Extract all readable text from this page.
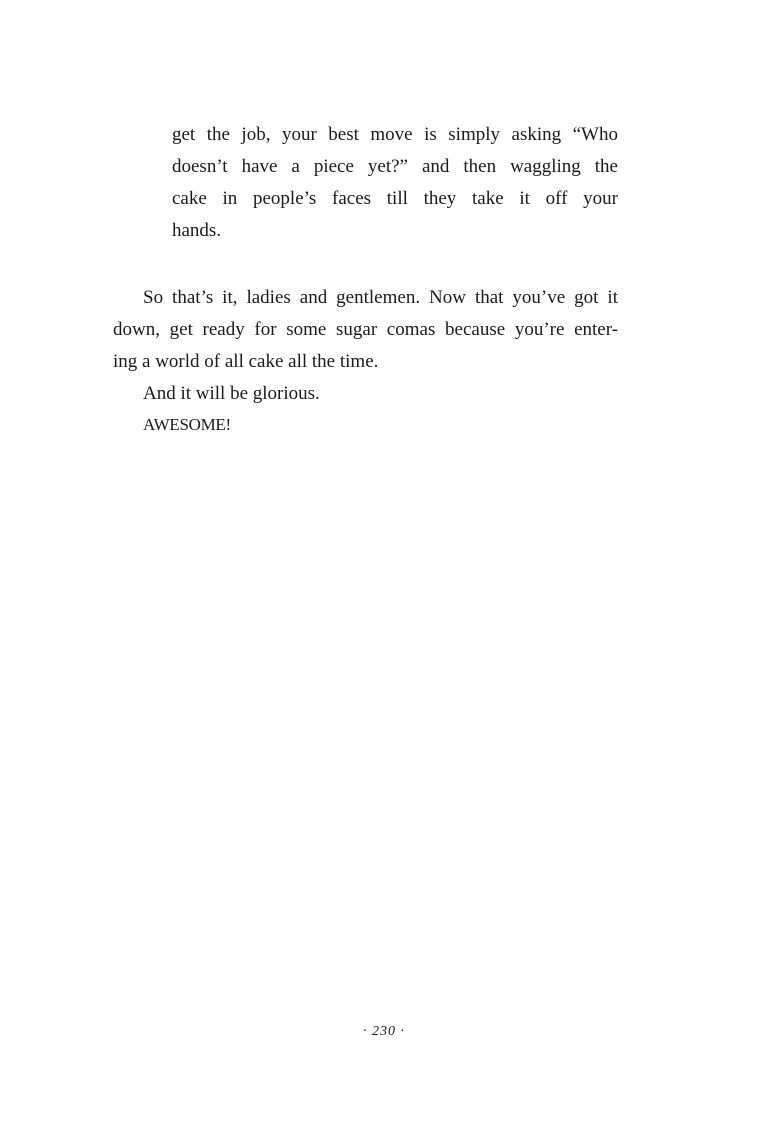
get the job, your best move is simply asking “Who
doesn’t have a piece yet?” and then waggling the
cake in people’s faces till they take it off your
hands.
So that’s it, ladies and gentlemen. Now that you’ve got it
down, get ready for some sugar comas because you’re enter-
ing a world of all cake all the time.
And it will be glorious.
AWESOME!
· 230 ·
